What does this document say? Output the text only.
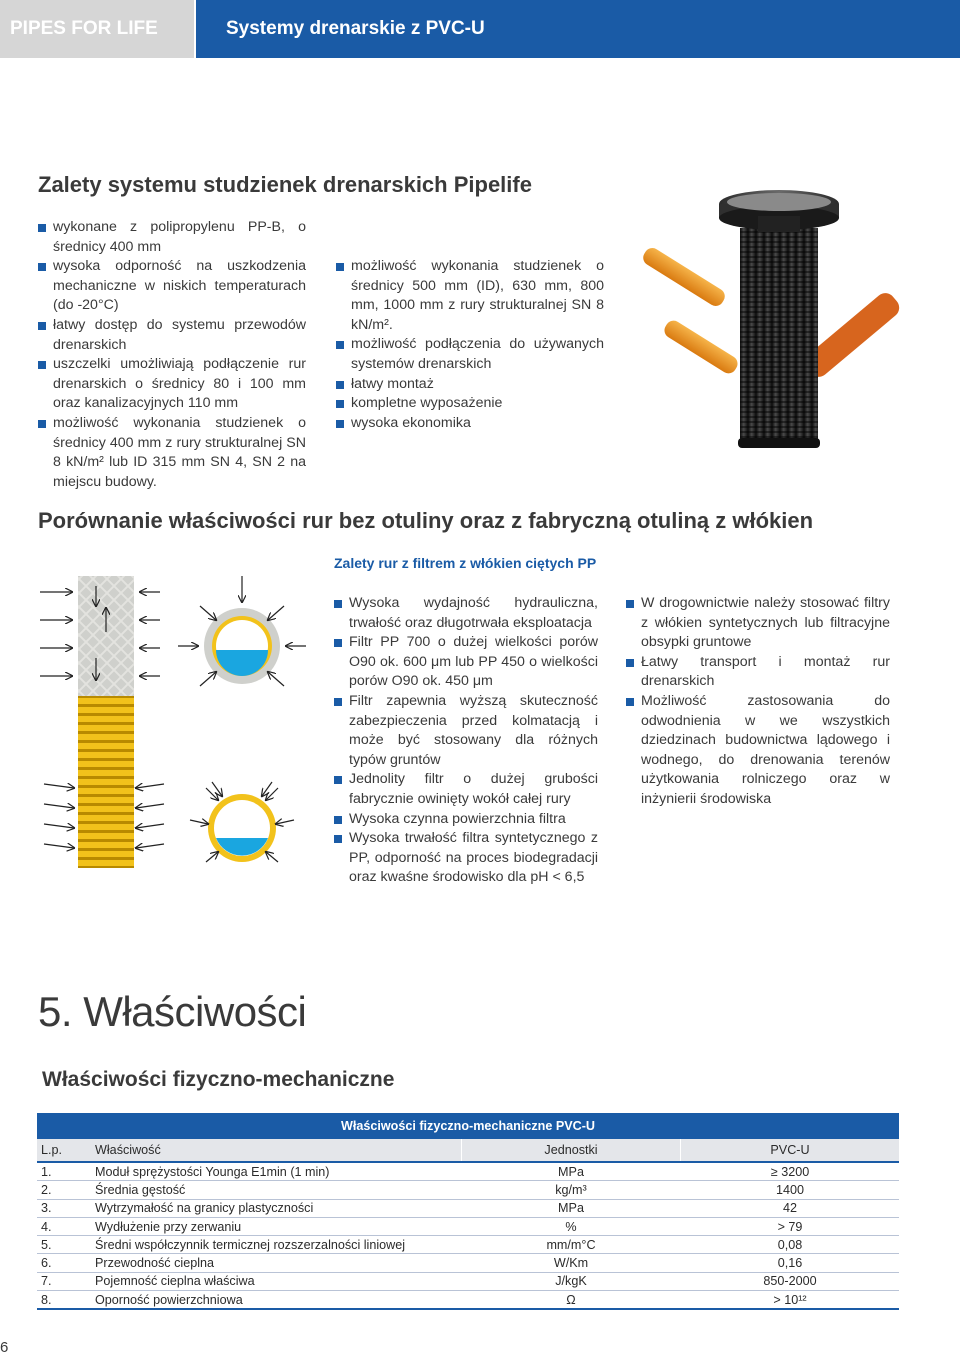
PIPES FOR LIFE	Systemy drenarskie z PVC-U
Zalety systemu studzienek drenarskich Pipelife
wykonane z polipropylenu PP-B, o średnicy 400 mm
wysoka odporność na uszkodzenia mechaniczne w niskich temperaturach (do -20°C)
łatwy dostęp do systemu przewodów drenarskich
uszczelki umożliwiają podłączenie rur drenarskich o średnicy 80 i 100 mm oraz kanalizacyjnych 110 mm
możliwość wykonania studzienek o średnicy 400 mm z rury strukturalnej SN 8 kN/m² lub ID 315 mm SN 4, SN 2 na miejscu budowy.
możliwość wykonania studzienek o średnicy 500 mm (ID), 630 mm, 800 mm, 1000 mm z rury strukturalnej SN 8 kN/m².
możliwość podłączenia do używanych systemów drenarskich
łatwy montaż
kompletne wyposażenie
wysoka ekonomika
Porównanie właściwości rur bez otuliny oraz z fabryczną otuliną z włókien
Zalety rur z filtrem z włókien ciętych PP
Wysoka wydajność hydrauliczna, trwałość oraz długotrwała eksploatacja
Filtr PP 700 o dużej wielkości porów O90 ok. 600 μm lub PP 450 o wielkości porów O90 ok. 450 μm
Filtr zapewnia wyższą skuteczność zabezpieczenia przed kolmatacją i może być stosowany dla różnych typów gruntów
Jednolity filtr o dużej grubości fabrycznie owinięty wokół całej rury
Wysoka czynna powierzchnia filtra
Wysoka trwałość filtra syntetycznego z PP, odporność na proces biodegradacji oraz kwaśne środowisko dla pH < 6,5
W drogownictwie należy stosować filtry z włókien syntetycznych lub filtracyjne obsypki gruntowe
Łatwy transport i montaż rur drenarskich
Możliwość zastosowania do odwodnienia w we wszystkich dziedzinach budownictwa lądowego i wodnego, do drenowania terenów użytkowania rolniczego oraz w inżynierii środowiska
5. Właściwości
Właściwości fizyczno-mechaniczne
Właściwości fizyczno-mechaniczne PVC-U			
L.p.	Właściwość	Jednostki	PVC-U
1.	Moduł sprężystości Younga E1min (1 min)	MPa	≥ 3200
2.	Średnia gęstość	kg/m³	1400
3.	Wytrzymałość na granicy plastyczności	MPa	42
4.	Wydłużenie przy zerwaniu	%	> 79
5.	Średni współczynnik termicznej rozszerzalności liniowej	mm/m°C	0,08
6.	Przewodność cieplna	W/Km	0,16
7.	Pojemność cieplna właściwa	J/kgK	850-2000
8.	Oporność powierzchniowa	Ω	> 10¹²
6
